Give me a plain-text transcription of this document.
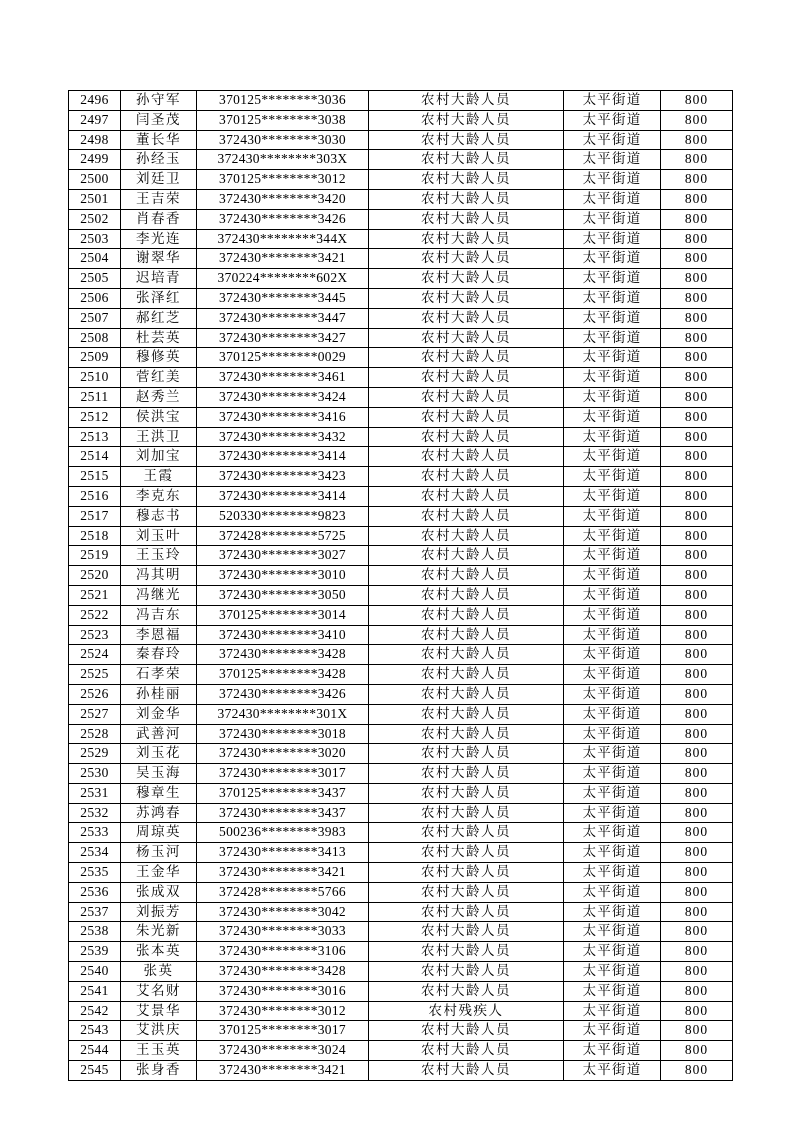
2496	孙守军	370125********3036	农村大龄人员	太平街道	800
2497	闫圣茂	370125********3038	农村大龄人员	太平街道	800
2498	董长华	372430********3030	农村大龄人员	太平街道	800
2499	孙经玉	372430********303X	农村大龄人员	太平街道	800
2500	刘廷卫	370125********3012	农村大龄人员	太平街道	800
2501	王吉荣	372430********3420	农村大龄人员	太平街道	800
2502	肖春香	372430********3426	农村大龄人员	太平街道	800
2503	李光连	372430********344X	农村大龄人员	太平街道	800
2504	谢翠华	372430********3421	农村大龄人员	太平街道	800
2505	迟培青	370224********602X	农村大龄人员	太平街道	800
2506	张泽红	372430********3445	农村大龄人员	太平街道	800
2507	郝红芝	372430********3447	农村大龄人员	太平街道	800
2508	杜芸英	372430********3427	农村大龄人员	太平街道	800
2509	穆修英	370125********0029	农村大龄人员	太平街道	800
2510	菅红美	372430********3461	农村大龄人员	太平街道	800
2511	赵秀兰	372430********3424	农村大龄人员	太平街道	800
2512	侯洪宝	372430********3416	农村大龄人员	太平街道	800
2513	王洪卫	372430********3432	农村大龄人员	太平街道	800
2514	刘加宝	372430********3414	农村大龄人员	太平街道	800
2515	王霞	372430********3423	农村大龄人员	太平街道	800
2516	李克东	372430********3414	农村大龄人员	太平街道	800
2517	穆志书	520330********9823	农村大龄人员	太平街道	800
2518	刘玉叶	372428********5725	农村大龄人员	太平街道	800
2519	王玉玲	372430********3027	农村大龄人员	太平街道	800
2520	冯其明	372430********3010	农村大龄人员	太平街道	800
2521	冯继光	372430********3050	农村大龄人员	太平街道	800
2522	冯吉东	370125********3014	农村大龄人员	太平街道	800
2523	李恩福	372430********3410	农村大龄人员	太平街道	800
2524	秦春玲	372430********3428	农村大龄人员	太平街道	800
2525	石孝荣	370125********3428	农村大龄人员	太平街道	800
2526	孙桂丽	372430********3426	农村大龄人员	太平街道	800
2527	刘金华	372430********301X	农村大龄人员	太平街道	800
2528	武善河	372430********3018	农村大龄人员	太平街道	800
2529	刘玉花	372430********3020	农村大龄人员	太平街道	800
2530	吴玉海	372430********3017	农村大龄人员	太平街道	800
2531	穆章生	370125********3437	农村大龄人员	太平街道	800
2532	苏鸿春	372430********3437	农村大龄人员	太平街道	800
2533	周琼英	500236********3983	农村大龄人员	太平街道	800
2534	杨玉河	372430********3413	农村大龄人员	太平街道	800
2535	王金华	372430********3421	农村大龄人员	太平街道	800
2536	张成双	372428********5766	农村大龄人员	太平街道	800
2537	刘振芳	372430********3042	农村大龄人员	太平街道	800
2538	朱光新	372430********3033	农村大龄人员	太平街道	800
2539	张本英	372430********3106	农村大龄人员	太平街道	800
2540	张英	372430********3428	农村大龄人员	太平街道	800
2541	艾名财	372430********3016	农村大龄人员	太平街道	800
2542	艾景华	372430********3012	农村残疾人	太平街道	800
2543	艾洪庆	370125********3017	农村大龄人员	太平街道	800
2544	王玉英	372430********3024	农村大龄人员	太平街道	800
2545	张身香	372430********3421	农村大龄人员	太平街道	800
